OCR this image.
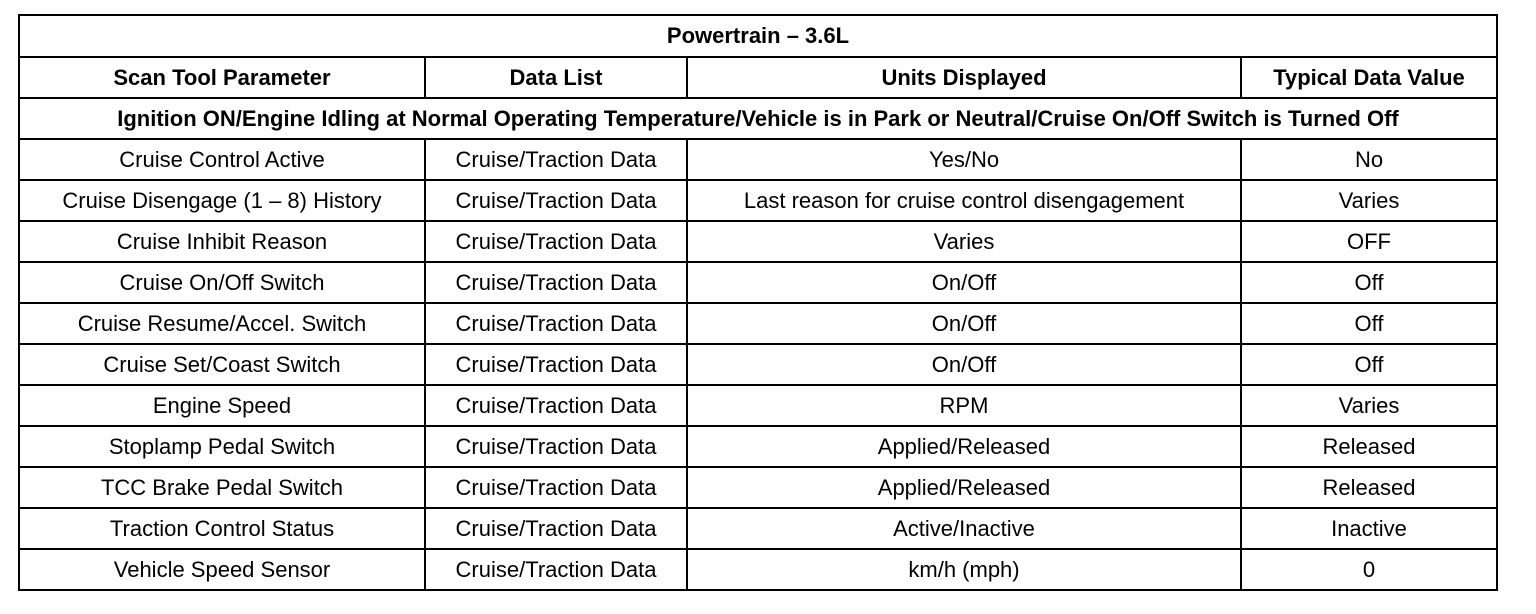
Powertrain – 3.6L			
Scan Tool Parameter	Data List	Units Displayed	Typical Data Value
Ignition ON/Engine Idling at Normal Operating Temperature/Vehicle is in Park or Neutral/Cruise On/Off Switch is Turned Off			
Cruise Control Active	Cruise/Traction Data	Yes/No	No
Cruise Disengage (1 – 8) History	Cruise/Traction Data	Last reason for cruise control disengagement	Varies
Cruise Inhibit Reason	Cruise/Traction Data	Varies	OFF
Cruise On/Off Switch	Cruise/Traction Data	On/Off	Off
Cruise Resume/Accel. Switch	Cruise/Traction Data	On/Off	Off
Cruise Set/Coast Switch	Cruise/Traction Data	On/Off	Off
Engine Speed	Cruise/Traction Data	RPM	Varies
Stoplamp Pedal Switch	Cruise/Traction Data	Applied/Released	Released
TCC Brake Pedal Switch	Cruise/Traction Data	Applied/Released	Released
Traction Control Status	Cruise/Traction Data	Active/Inactive	Inactive
Vehicle Speed Sensor	Cruise/Traction Data	km/h (mph)	0
